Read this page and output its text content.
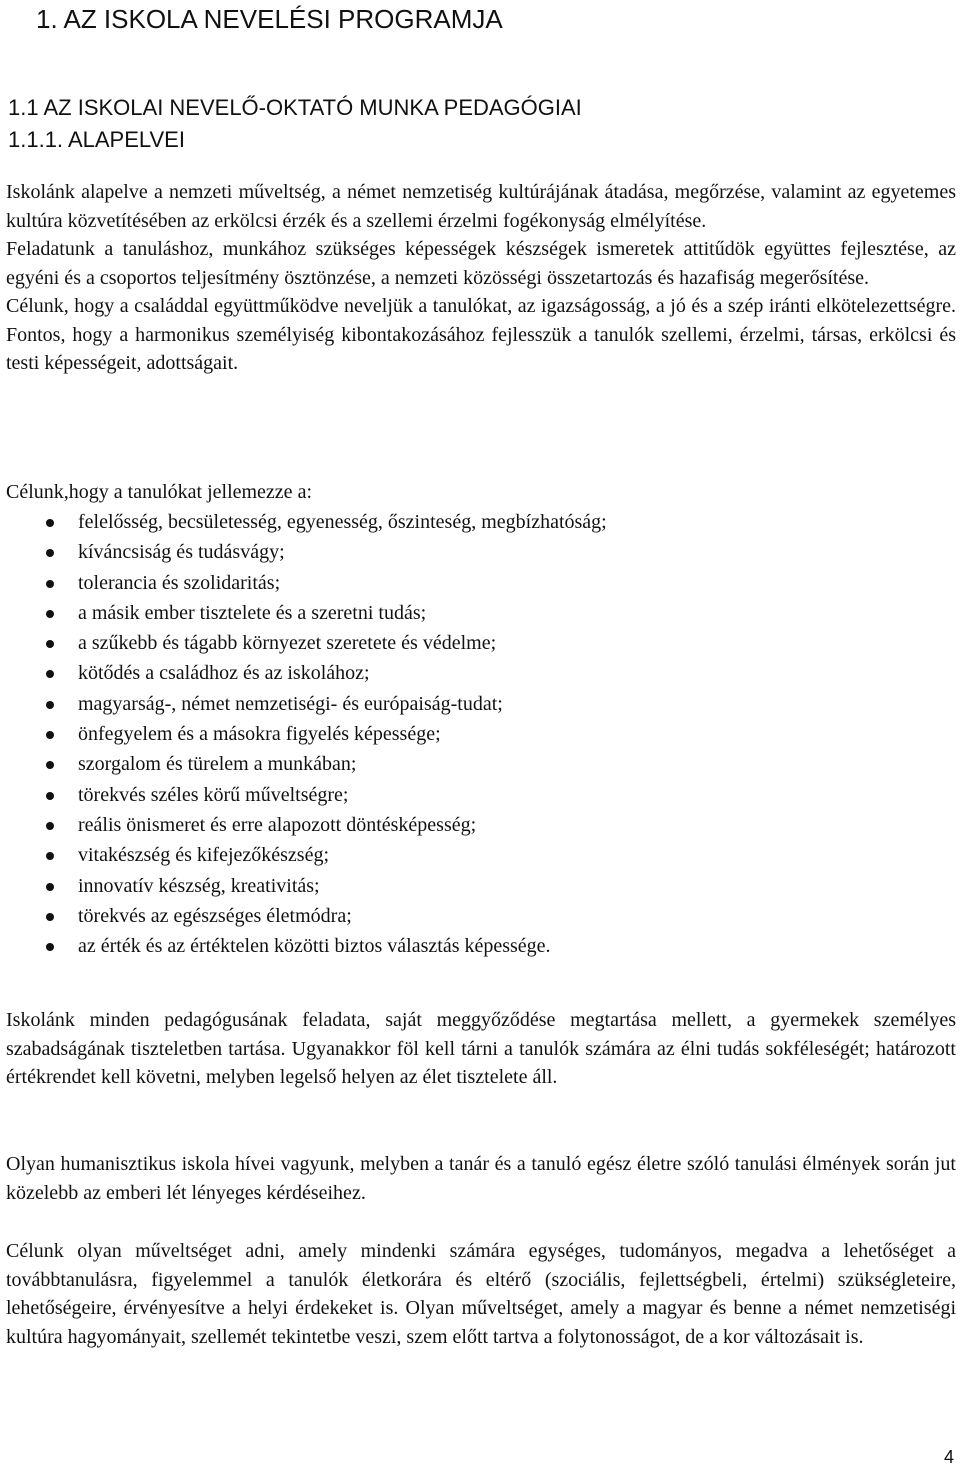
1. AZ ISKOLA NEVELÉSI PROGRAMJA
1.1 AZ ISKOLAI NEVELŐ-OKTATÓ MUNKA PEDAGÓGIAI
1.1.1. ALAPELVEI

Iskolánk alapelve a nemzeti műveltség, a német nemzetiség kultúrájának átadása, megőrzése, valamint az egyetemes kultúra közvetítésében az erkölcsi érzék és a szellemi érzelmi fogékonyság elmélyítése.

Feladatunk a tanuláshoz, munkához szükséges képességek készségek ismeretek attitűdök együttes fejlesztése, az egyéni és a csoportos teljesítmény ösztönzése, a nemzeti közösségi összetartozás és hazafiság megerősítése.

Célunk, hogy a családdal együttműködve neveljük a tanulókat, az igazságosság, a jó és a szép iránti elkötelezettségre. Fontos, hogy a harmonikus személyiség kibontakozásához fejlesszük a tanulók szellemi, érzelmi, társas, erkölcsi és testi képességeit, adottságait.

Célunk,hogy a tanulókat jellemezze a:

felelősség, becsületesség, egyenesség, őszinteség, megbízhatóság;
kíváncsiság és tudásvágy;
tolerancia és szolidaritás;
a másik ember tisztelete és a szeretni tudás;
a szűkebb és tágabb környezet szeretete és védelme;
kötődés a családhoz és az iskolához;
magyarság-, német nemzetiségi- és európaiság-tudat;
önfegyelem és a másokra figyelés képessége;
szorgalom és türelem a munkában;
törekvés széles körű műveltségre;
reális önismeret és erre alapozott döntésképesség;
vitakészség és kifejezőkészség;
innovatív készség, kreativitás;
törekvés az egészséges életmódra;
az érték és az értéktelen közötti biztos választás képessége.

Iskolánk minden pedagógusának feladata, saját meggyőződése megtartása mellett, a gyermekek személyes szabadságának tiszteletben tartása. Ugyanakkor föl kell tárni a tanulók számára az élni tudás sokféleségét; határozott értékrendet kell követni, melyben legelső helyen az élet tisztelete áll.

Olyan humanisztikus iskola hívei vagyunk, melyben a tanár és a tanuló egész életre szóló tanulási élmények során jut közelebb az emberi lét lényeges kérdéseihez.

Célunk olyan műveltséget adni, amely mindenki számára egységes, tudományos, megadva a lehetőséget a továbbtanulásra, figyelemmel a tanulók életkorára és eltérő (szociális, fejlettségbeli, értelmi) szükségleteire, lehetőségeire, érvényesítve a helyi érdekeket is. Olyan műveltséget, amely a magyar és benne a német nemzetiségi kultúra hagyományait, szellemét tekintetbe veszi, szem előtt tartva a folytonosságot, de a kor változásait is.

4
